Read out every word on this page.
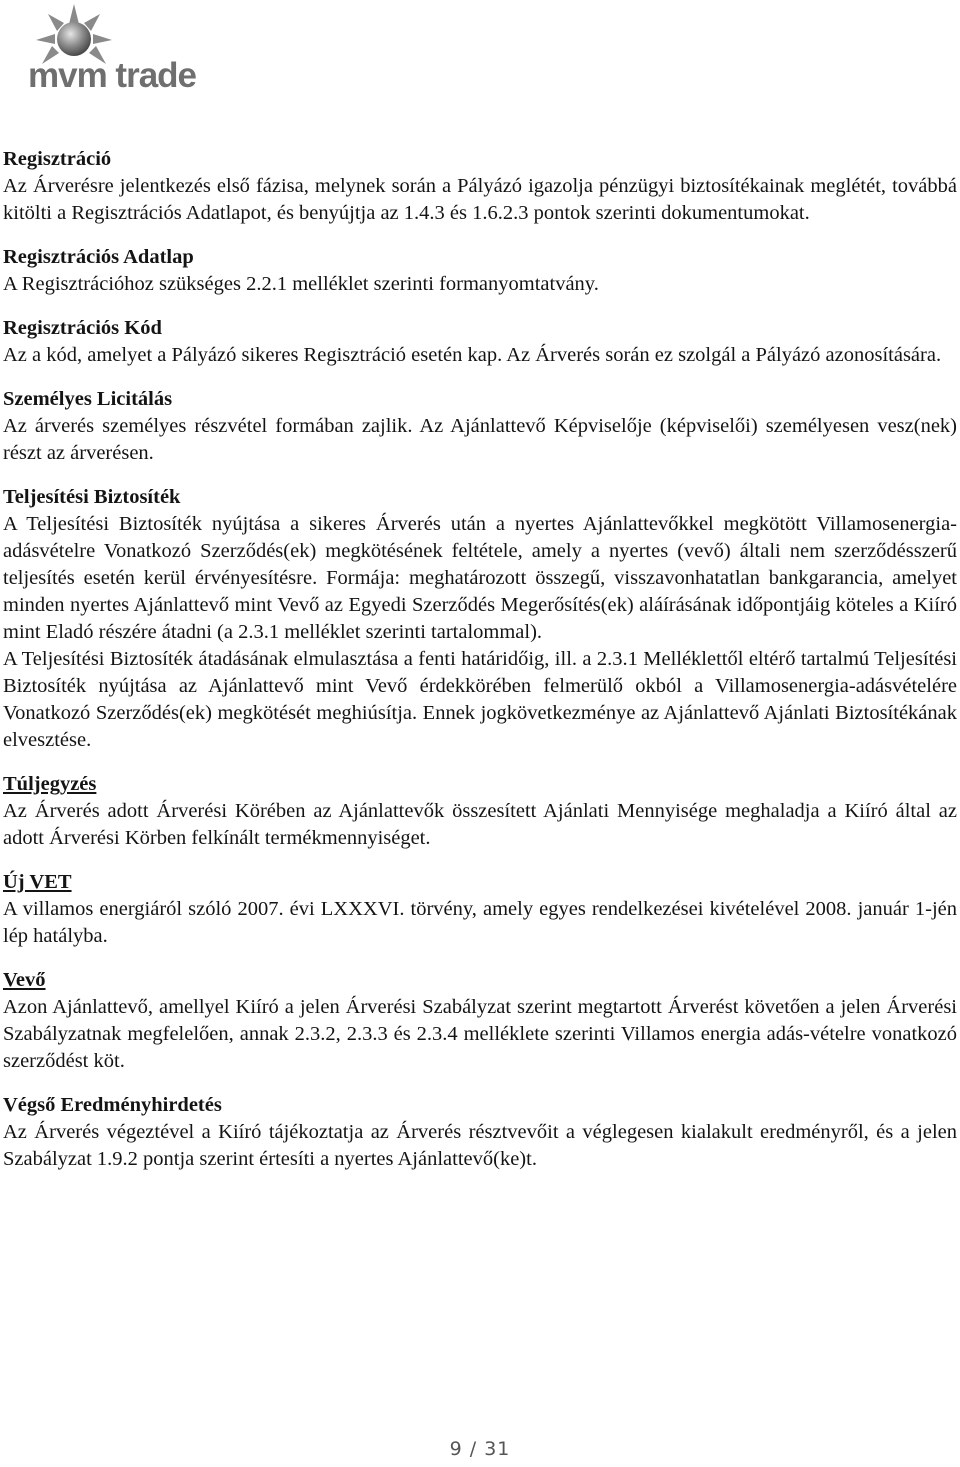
mvm trade
Regisztráció
Az Árverésre jelentkezés első fázisa, melynek során a Pályázó igazolja pénzügyi biztosítékainak meglétét, továbbá kitölti a Regisztrációs Adatlapot, és benyújtja az 1.4.3 és 1.6.2.3 pontok szerinti dokumentumokat.
Regisztrációs Adatlap
A Regisztrációhoz szükséges 2.2.1 melléklet szerinti formanyomtatvány.
Regisztrációs Kód
Az a kód, amelyet a Pályázó sikeres Regisztráció esetén kap. Az Árverés során ez szolgál a Pályázó azonosítására.
Személyes Licitálás
Az árverés személyes részvétel formában zajlik. Az Ajánlattevő Képviselője (képviselői) személyesen vesz(nek) részt az árverésen.
Teljesítési Biztosíték
A Teljesítési Biztosíték nyújtása a sikeres Árverés után a nyertes Ajánlattevőkkel megkötött Villamosenergia-adásvételre Vonatkozó Szerződés(ek) megkötésének feltétele, amely a nyertes (vevő) általi nem szerződésszerű teljesítés esetén kerül érvényesítésre. Formája: meghatározott összegű, visszavonhatatlan bankgarancia, amelyet minden nyertes Ajánlattevő mint Vevő az Egyedi Szerződés Megerősítés(ek) aláírásának időpontjáig köteles a Kiíró mint Eladó részére átadni (a 2.3.1 melléklet szerinti tartalommal).
A Teljesítési Biztosíték átadásának elmulasztása a fenti határidőig, ill. a 2.3.1 Melléklettől eltérő tartalmú Teljesítési Biztosíték nyújtása az Ajánlattevő mint Vevő érdekkörében felmerülő okból a Villamosenergia-adásvételére Vonatkozó Szerződés(ek) megkötését meghiúsítja. Ennek jogkövetkezménye az Ajánlattevő Ajánlati Biztosítékának elvesztése.
Túljegyzés
Az Árverés adott Árverési Körében az Ajánlattevők összesített Ajánlati Mennyisége meghaladja a Kiíró által az adott Árverési Körben felkínált termékmennyiséget.
Új VET
A villamos energiáról szóló 2007. évi LXXXVI. törvény, amely egyes rendelkezései kivételével 2008. január 1-jén lép hatályba.
Vevő
Azon Ajánlattevő, amellyel Kiíró a jelen Árverési Szabályzat szerint megtartott Árverést követően a jelen Árverési Szabályzatnak megfelelően, annak 2.3.2, 2.3.3 és 2.3.4 melléklete szerinti Villamos energia adás-vételre vonatkozó szerződést köt.
Végső Eredményhirdetés
Az Árverés végeztével a Kiíró tájékoztatja az Árverés résztvevőit a véglegesen kialakult eredményről, és a jelen Szabályzat 1.9.2 pontja szerint értesíti a nyertes Ajánlattevő(ke)t.
9 / 31
